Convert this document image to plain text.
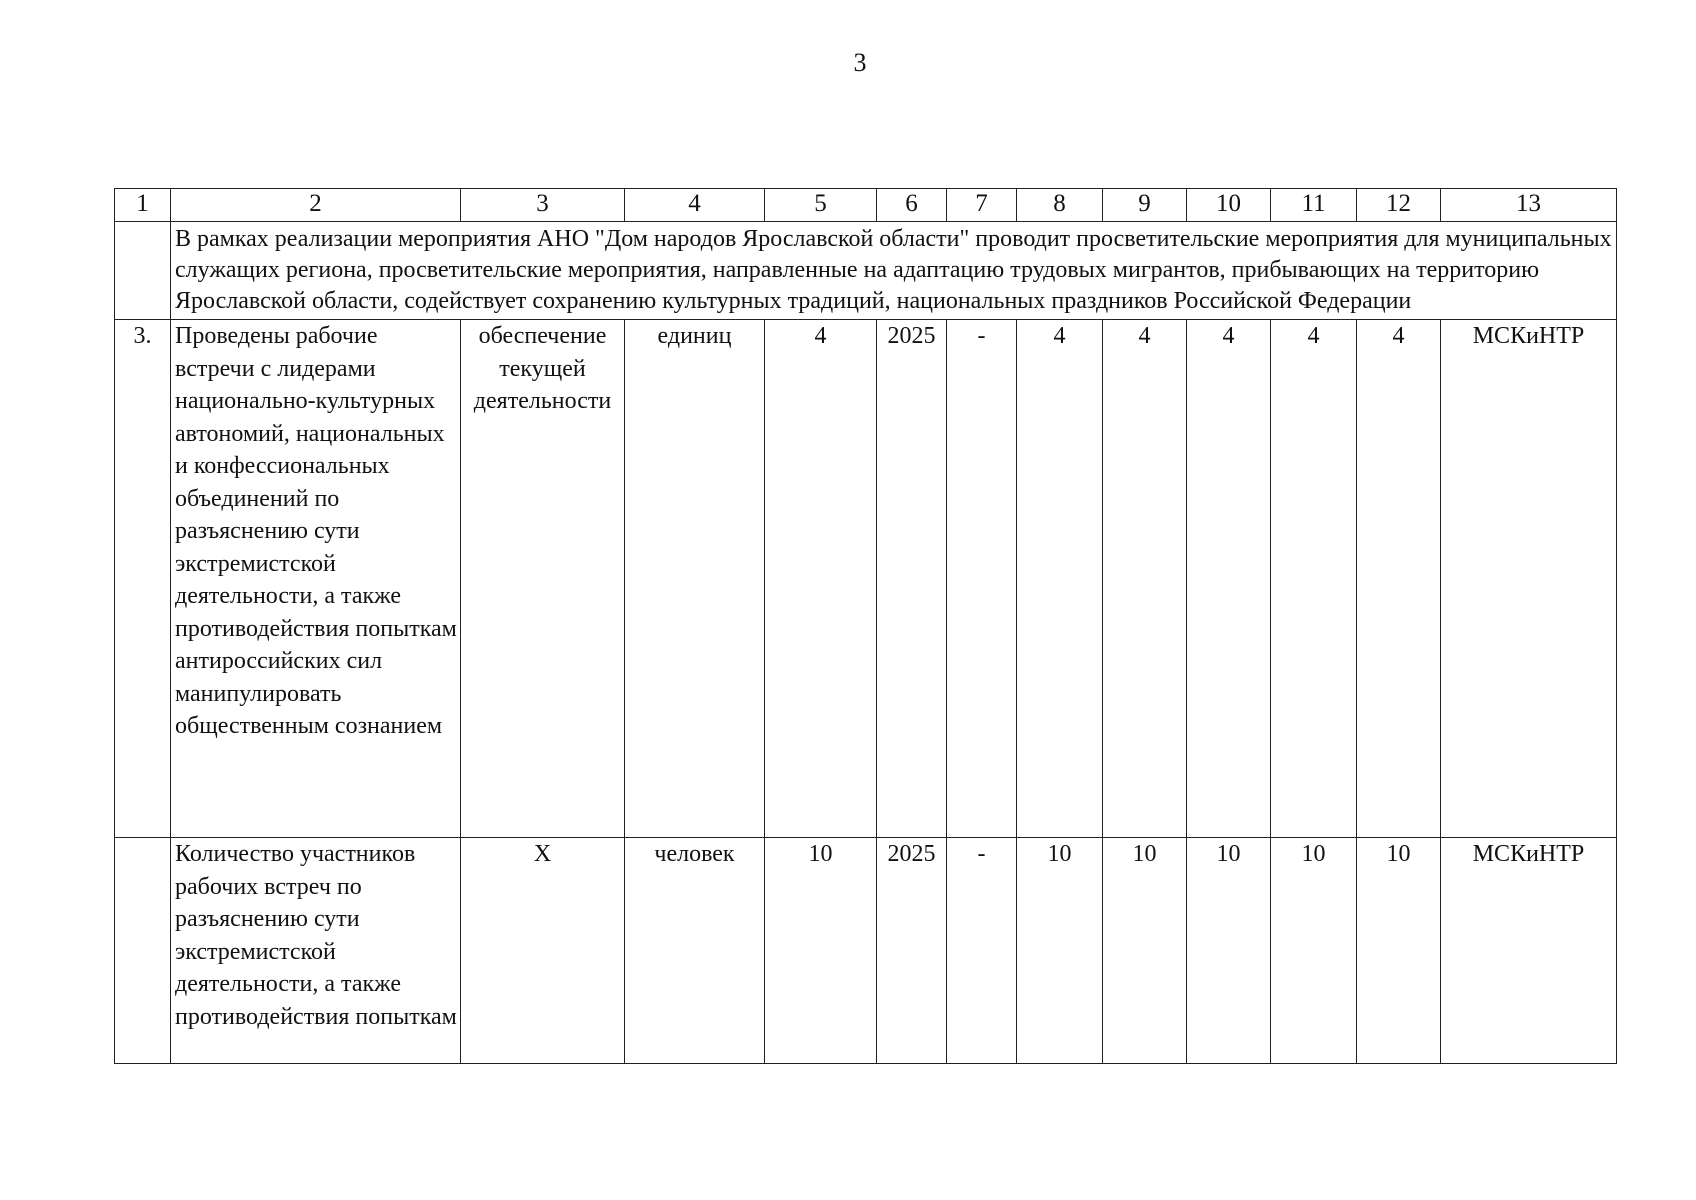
3
1	2	3	4	5	6	7	8	9	10	11	12	13
	В рамках реализации мероприятия АНО "Дом народов Ярославской области" проводит просветительские мероприятия для муниципальных служащих региона, просветительские мероприятия, направленные на адаптацию трудовых мигрантов, прибывающих на территорию Ярославской области, содействует сохранению культурных традиций, национальных праздников Российской Федерации											
3.	Проведены рабочие встречи с лидерами национально-культурных автономий, национальных и конфессиональных объединений по разъяснению сути экстремистской деятельности, а также противодействия попыткам антироссийских сил манипулировать общественным сознанием	обеспечение текущей деятельности	единиц	4	2025	-	4	4	4	4	4	МСКиНТР
	Количество участников рабочих встреч по разъяснению сути экстремистской деятельности, а также противодействия попыткам	Х	человек	10	2025	-	10	10	10	10	10	МСКиНТР
